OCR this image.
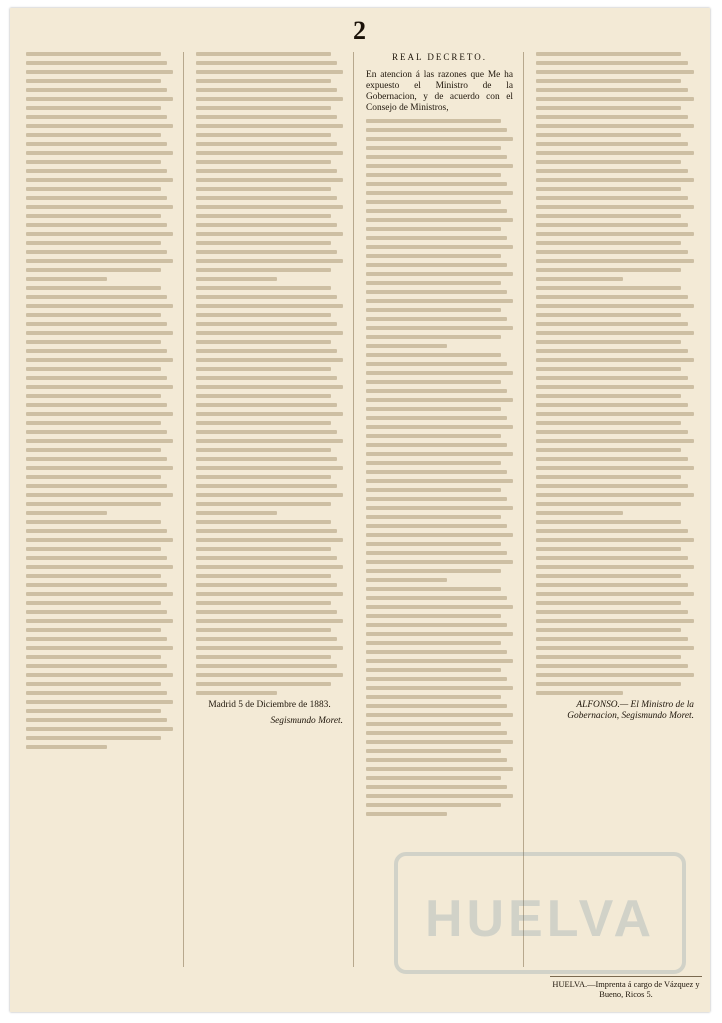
2

Madrid 5 de Diciembre de 1883.

Segismundo Moret.

REAL DECRETO.

En atencion á las razones que Me ha expuesto el Ministro de la Gobernacion, y de acuerdo con el Consejo de Ministros,

ALFONSO.— El Ministro de la Gobernacion, Segismundo Moret.

HUELVA
HUELVA.—Imprenta á cargo de Vázquez y Bueno, Ricos 5.
